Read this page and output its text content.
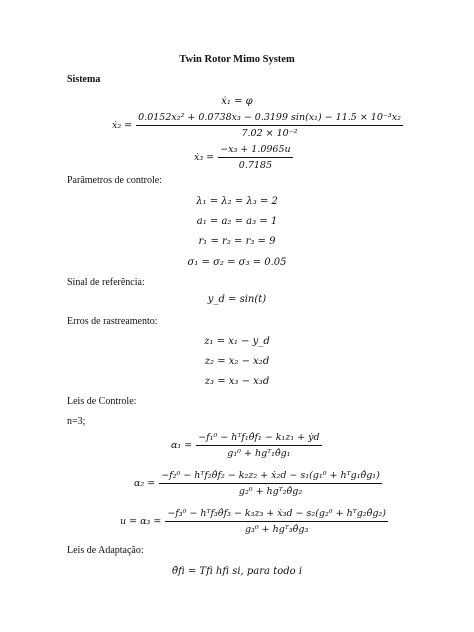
Twin Rotor Mimo System
Sistema
ẋ₁ = φ
ẋ₂ = $\frac{\text{0.0152x₂² + 0.0738x₃ − 0.3199 sin(x₁) − 11.5 × 10⁻³x₂}}{\text{7.02 × 10⁻²}}$
ẋ₃ = $\frac{\text{−x₃ + 1.0965u}}{0.7185}$
Parâmetros de controle:
λ₁ = λ₂ = λ₃ = 2
a₁ = a₂ = a₃ = 1
r₁ = r₂ = r₃ = 9
σ₁ = σ₂ = σ₃ = 0.05
Sinal de referência:
y_d = sin(t)
Erros de rastreamento:
z₁ = x₁ − y_d
z₂ = x₂ − x₂d
z₃ = x₃ − x₃d
Leis de Controle:
n=3;
$\alpha_1 = \frac{\text{−f₁⁰ − hᵀf₁θ̂f₁ − k₁z₁ + ẏd}}{\text{g₁⁰ + hgᵀ₁θ̂g₁}}$
$\alpha_2 = \frac{\text{−f₂⁰ − hᵀf₂θ̂f₂ − k₂z₂ + ẋ₂d − s₁(g₁⁰ + hᵀg₁θ̂g₁)}}{\text{g₂⁰ + hgᵀ₂θ̂g₂}}$
$u = \alpha_3 = \frac{\text{−f₃⁰ − hᵀf₃θ̂f₃ − k₃z₃ + ẋ₃d − s₂(g₂⁰ + hᵀg₂θ̂g₂)}}{\text{g₃⁰ + hgᵀ₃θ̂g₃}}$
Leis de Adaptação:
θ̇fi = Tfi hfi si, para todo i
